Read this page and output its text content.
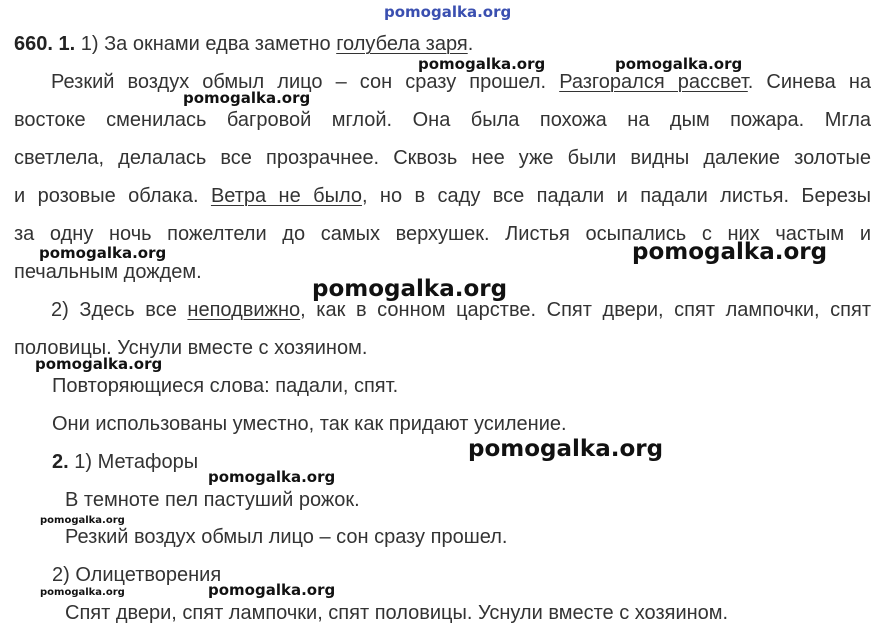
pomogalka.org
pomogalka.org	pomogalka.org
pomogalka.org
pomogalka.org	pomogalka.org
pomogalka.org
pomogalka.org
pomogalka.org
pomogalka.org
pomogalka.org
pomogalka.org
pomogalka.org
660. 1. 1) За окнами едва заметно голубела заря.
Резкий воздух обмыл лицо – сон сразу прошел. Разгорался рассвет. Синева на
востоке сменилась багровой мглой. Она была похожа на дым пожара. Мгла
светлела, делалась все прозрачнее. Сквозь нее уже были видны далекие золотые
и розовые облака. Ветра не было, но в саду все падали и падали листья. Березы
за одну ночь пожелтели до самых верхушек. Листья осыпались с них частым и
печальным дождем.
2) Здесь все неподвижно, как в сонном царстве. Спят двери, спят лампочки, спят
половицы. Уснули вместе с хозяином.
Повторяющиеся слова: падали, спят.
Они использованы уместно, так как придают усиление.
2. 1) Метафоры
В темноте пел пастуший рожок.
Резкий воздух обмыл лицо – сон сразу прошел.
2) Олицетворения
Спят двери, спят лампочки, спят половицы. Уснули вместе с хозяином.
